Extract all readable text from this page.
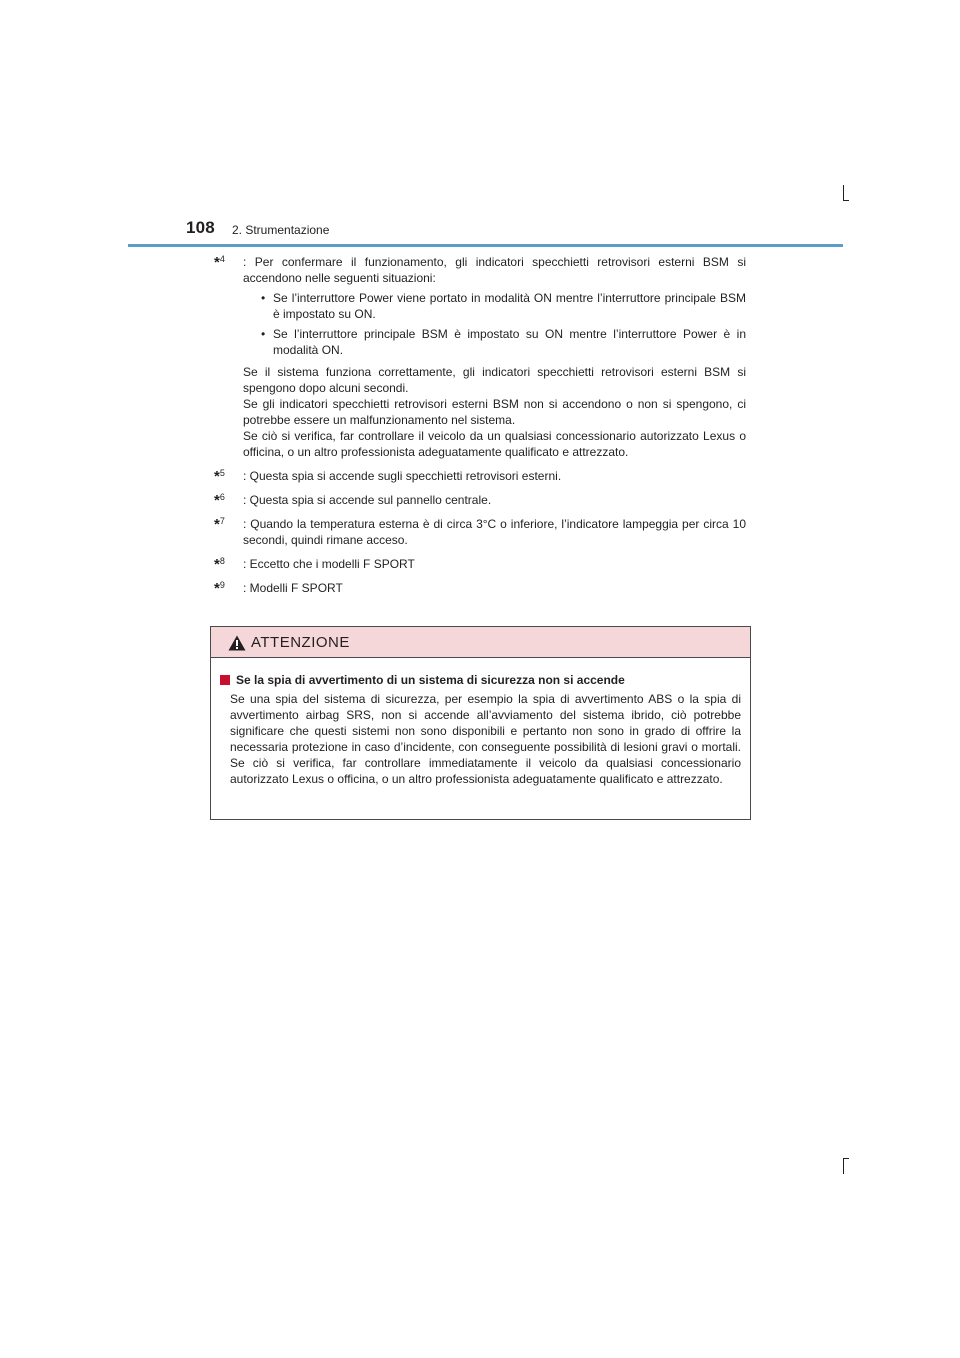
108 2. Strumentazione
*$^4$ : Per confermare il funzionamento, gli indicatori specchietti retrovisori esterni BSM si accendono nelle seguenti situazioni:
• Se l’interruttore Power viene portato in modalità ON mentre l’interruttore principale BSM è impostato su ON.
• Se l’interruttore principale BSM è impostato su ON mentre l’interruttore Power è in modalità ON.
Se il sistema funziona correttamente, gli indicatori specchietti retrovisori esterni BSM si spengono dopo alcuni secondi.
Se gli indicatori specchietti retrovisori esterni BSM non si accendono o non si spengono, ci potrebbe essere un malfunzionamento nel sistema.
Se ciò si verifica, far controllare il veicolo da un qualsiasi concessionario autorizzato Lexus o officina, o un altro professionista adeguatamente qualificato e attrezzato.
*$^5$ : Questa spia si accende sugli specchietti retrovisori esterni.
*$^6$ : Questa spia si accende sul pannello centrale.
*$^7$ : Quando la temperatura esterna è di circa 3°C o inferiore, l’indicatore lampeggia per circa 10 secondi, quindi rimane acceso.
*$^8$ : Eccetto che i modelli F SPORT
*$^9$ : Modelli F SPORT
ATTENZIONE
Se la spia di avvertimento di un sistema di sicurezza non si accende
Se una spia del sistema di sicurezza, per esempio la spia di avvertimento ABS o la spia di avvertimento airbag SRS, non si accende all’avviamento del sistema ibrido, ciò potrebbe significare che questi sistemi non sono disponibili e pertanto non sono in grado di offrire la necessaria protezione in caso d’incidente, con conseguente possibilità di lesioni gravi o mortali. Se ciò si verifica, far controllare immediatamente il veicolo da qualsiasi concessionario autorizzato Lexus o officina, o un altro professionista adeguatamente qualificato e attrezzato.
